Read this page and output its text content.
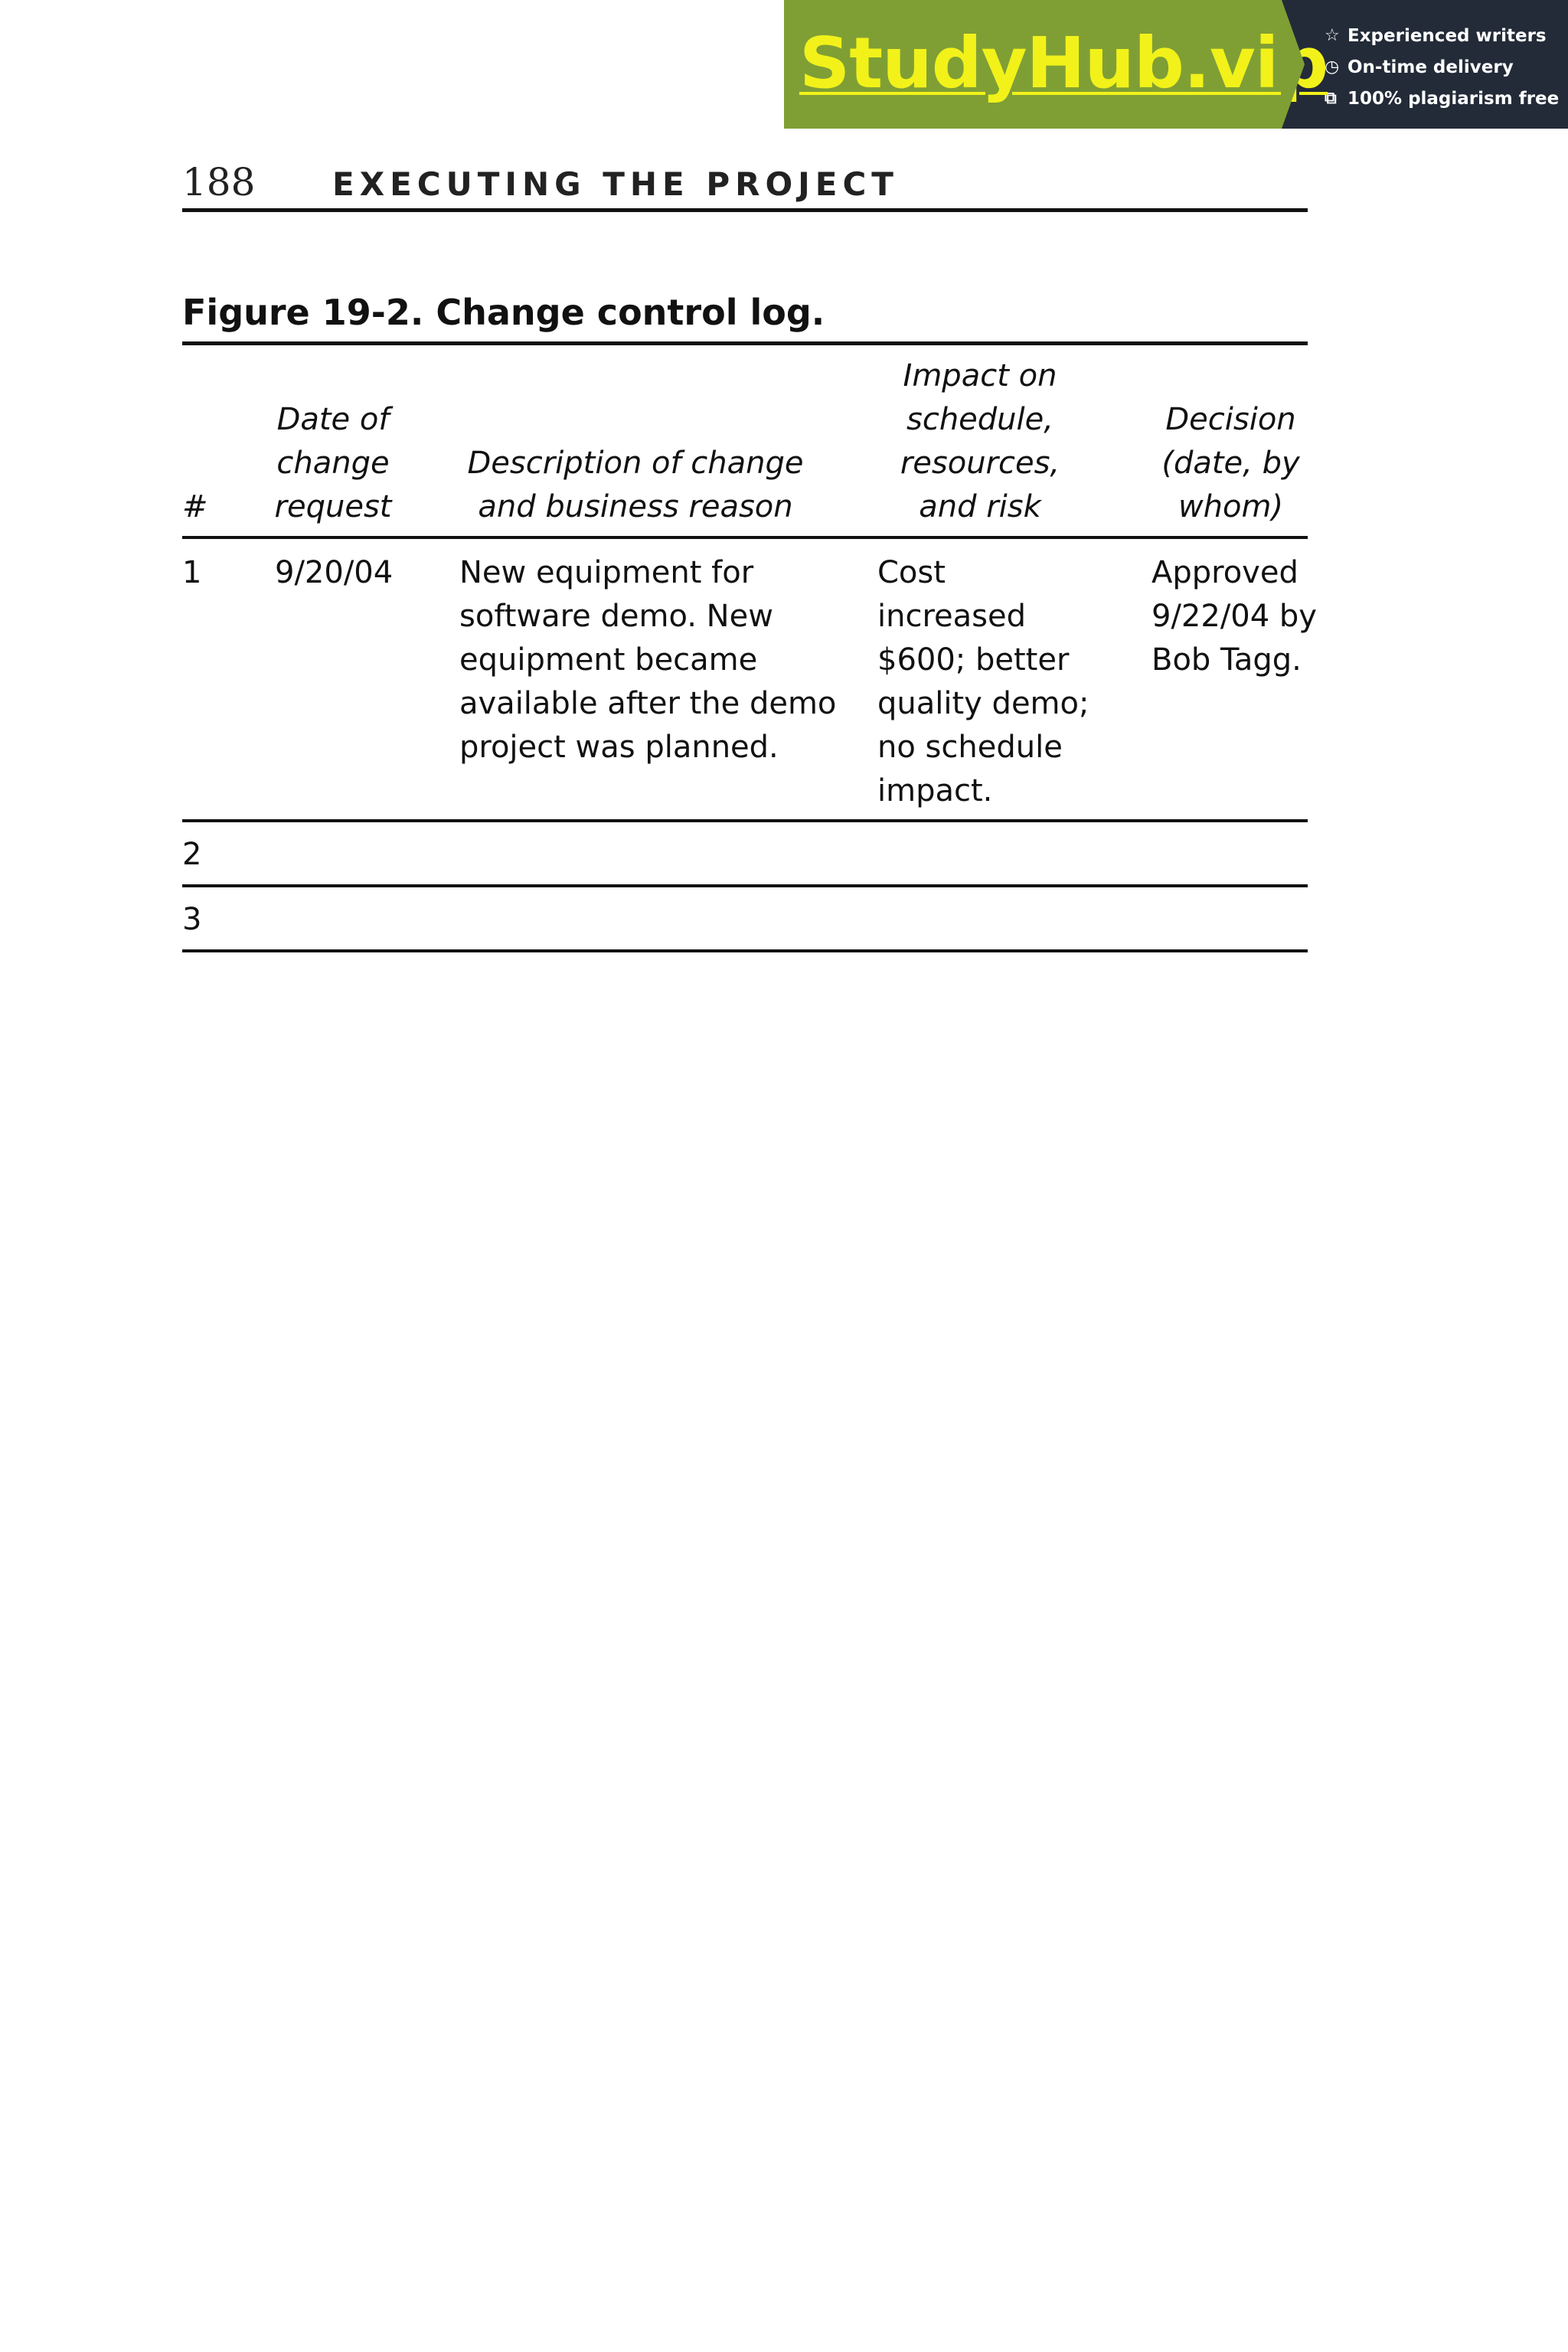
StudyHub.vip
☆ Experienced writers
◷ On-time delivery
⧉ 100% plagiarism free
188 EXECUTING THE PROJECT
Figure 19-2. Change control log.
#
Date of
change
request
Description of change
and business reason
Impact on
schedule,
resources,
and risk
Decision
(date, by
whom)
1 9/20/04 New equipment for
software demo. New
equipment became
available after the demo
project was planned.
Cost
increased
$600; better
quality demo;
no schedule
impact.
Approved
9/22/04 by
Bob Tagg.
2
3
